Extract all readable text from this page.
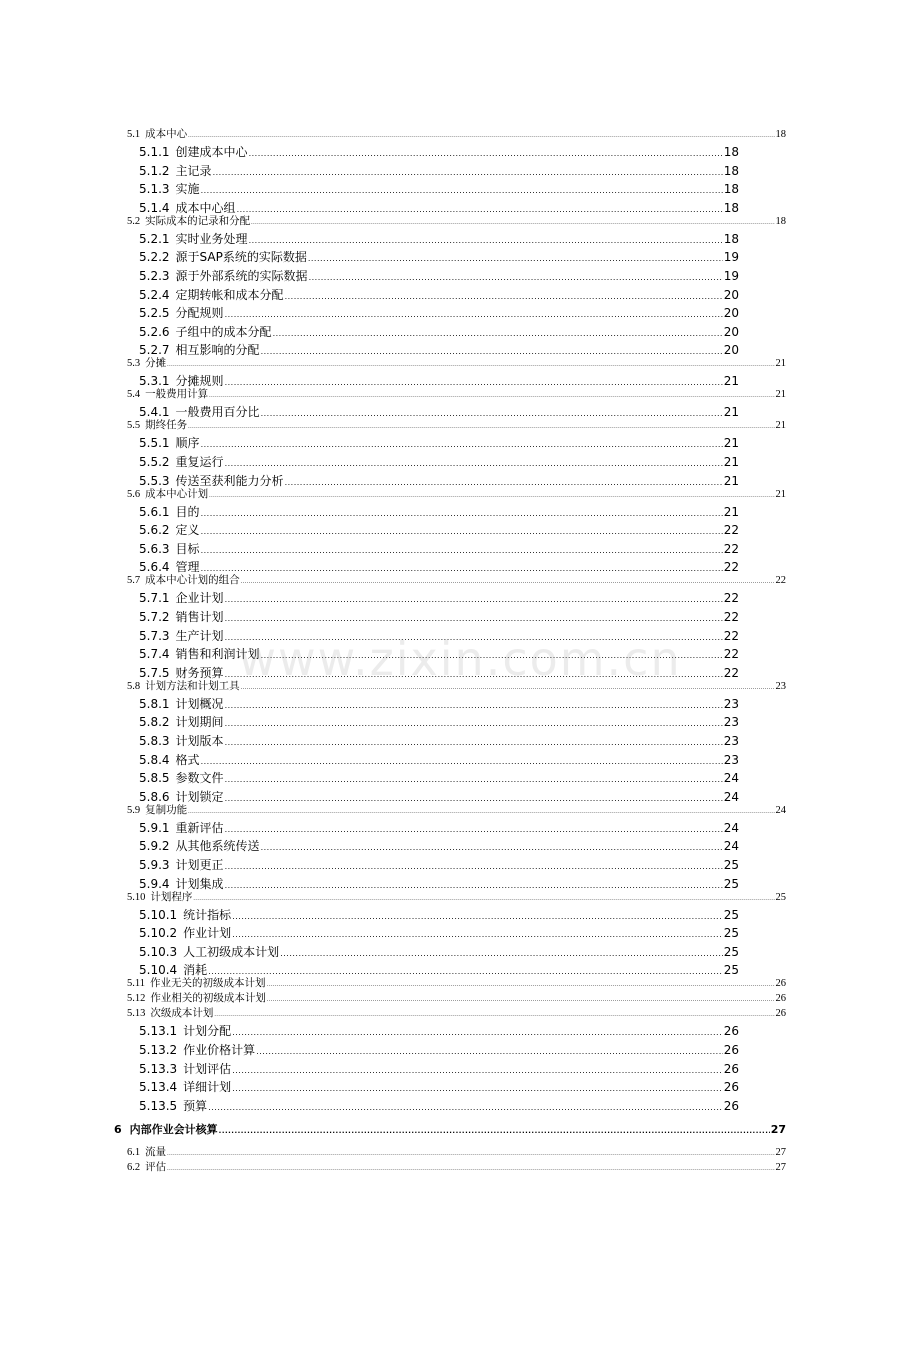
5.1 成本中心 .....	18
5.1.1 创建成本中心 .....	18
5.1.2 主记录 .....	18
5.1.3 实施 .....	18
5.1.4 成本中心组 .....	18
5.2 实际成本的记录和分配 .....	18
5.2.1 实时业务处理 .....	18
5.2.2 源于SAP系统的实际数据 .....	19
5.2.3 源于外部系统的实际数据 .....	19
5.2.4 定期转帐和成本分配 .....	20
5.2.5 分配规则 .....	20
5.2.6 子组中的成本分配 .....	20
5.2.7 相互影响的分配 .....	20
5.3 分摊 .....	21
5.3.1 分摊规则 .....	21
5.4 一般费用计算 .....	21
5.4.1 一般费用百分比 .....	21
5.5 期终任务 .....	21
5.5.1 顺序 .....	21
5.5.2 重复运行 .....	21
5.5.3 传送至获利能力分析 .....	21
5.6 成本中心计划 .....	21
5.6.1 目的 .....	21
5.6.2 定义 .....	22
5.6.3 目标 .....	22
5.6.4 管理 .....	22
5.7 成本中心计划的组合 .....	22
5.7.1 企业计划 .....	22
5.7.2 销售计划 .....	22
5.7.3 生产计划 .....	22
5.7.4 销售和利润计划 .....	22
5.7.5 财务预算 .....	22
5.8 计划方法和计划工具 .....	23
5.8.1 计划概况 .....	23
5.8.2 计划期间 .....	23
5.8.3 计划版本 .....	23
5.8.4 格式 .....	23
5.8.5 参数文件 .....	24
5.8.6 计划锁定 .....	24
5.9 复制功能 .....	24
5.9.1 重新评估 .....	24
5.9.2 从其他系统传送 .....	24
5.9.3 计划更正 .....	25
5.9.4 计划集成 .....	25
5.10 计划程序 .....	25
5.10.1 统计指标 .....	25
5.10.2 作业计划 .....	25
5.10.3 人工初级成本计划 .....	25
5.10.4 消耗 .....	25
5.11 作业无关的初级成本计划 .....	26
5.12 作业相关的初级成本计划 .....	26
5.13 次级成本计划 .....	26
5.13.1 计划分配 .....	26
5.13.2 作业价格计算 .....	26
5.13.3 计划评估 .....	26
5.13.4 详细计划 .....	26
5.13.5 预算 .....	26
6 内部作业会计核算 .....	27
6.1 流量 .....	27
6.2 评估 .....	27
www.zixin.com.cn
